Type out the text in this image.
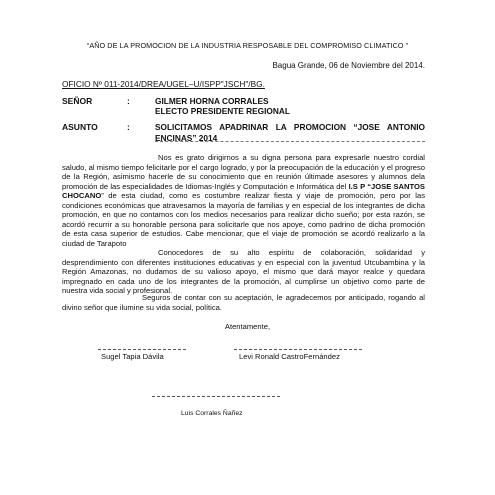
“AÑO DE LA PROMOCION DE LA INDUSTRIA RESPOSABLE DEL COMPROMISO CLIMATICO ”
Bagua Grande, 06 de Noviembre del 2014.
OFICIO Nº 011-2014/DREA/UGEL–U/ISPP"JSCH"/BG.
SEÑOR	:	GILMER HORNA CORRALES
ELECTO PRESIDENTE REGIONAL
ASUNTO	:	SOLICITAMOS APADRINAR LA PROMOCION “JOSE ANTONIO ENCINAS” 2014

Nos es grato dirigirnos a su digna persona para expresarle nuestro cordial saludo, al mismo tiempo felicitarle por el cargo logrado, y por la preocupación de la educación y el progreso de la Región, asimismo hacerle de su conocimiento que en reunión últimade asesores y alumnos dela promoción de las especialidades de Idiomas-Inglés y Computación e Informática del I.S P “JOSE SANTOS CHOCANO” de esta ciudad, como es costumbre realizar fiesta y viaje de promoción, pero por las condiciones económicas que atravesamos la mayoría de familias y en especial de los integrantes de dicha promoción, en que no contamos con los medios necesarios para realizar dicho sueño; por esta razón, se acordó recurrir a su honorable persona para solicitarle que nos apoye, como padrino de dicha promoción de esta casa superior de estudios. Cabe mencionar, que el viaje de promoción se acordó realizarlo a la ciudad de Tarapoto

Conocedores de su alto espíritu de colaboración, solidaridad y desprendimiento con diferentes instituciones educativas y en especial con la juventud Utcubambina y la Región Amazonas, no dudamos de su valioso apoyo, el mismo que dará mayor realce y quedara impregnado en cada uno de los integrantes de la promoción, al cumplirse un objetivo como parte de nuestra vida social y profesional.

Seguros de contar con su aceptación, le agradecemos por anticipado, rogando al divino señor que ilumine su vida social, política.

Atentamente,
Sugel Tapia Dávila	Levi Ronald CastroFernández
Luis Corrales Ñañez
